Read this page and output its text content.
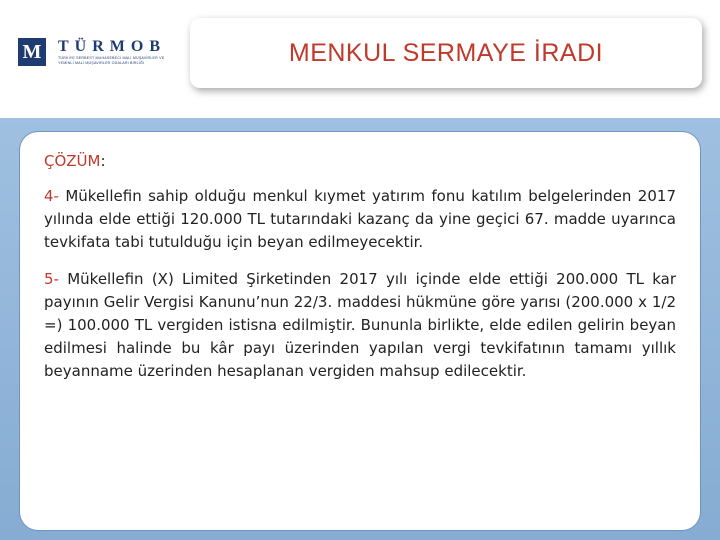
M TÜRMOB
TÜRKİYE SERBEST MUHASEBECİ MALİ MÜŞAVİRLER VE YEMİNLİ MALİ MÜŞAVİRLER ODALARI BİRLİĞİ	MENKUL SERMAYE İRADI
ÇÖZÜM:

4- Mükellefin sahip olduğu menkul kıymet yatırım fonu katılım belgelerinden 2017 yılında elde ettiği 120.000 TL tutarındaki kazanç da yine geçici 67. madde uyarınca tevkifata tabi tutulduğu için beyan edilmeyecektir.

5- Mükellefin (X) Limited Şirketinden 2017 yılı içinde elde ettiği 200.000 TL kar payının Gelir Vergisi Kanunu’nun 22/3. maddesi hükmüne göre yarısı (200.000 x 1/2 =) 100.000 TL vergiden istisna edilmiştir. Bununla birlikte, elde edilen gelirin beyan edilmesi halinde bu kâr payı üzerinden yapılan vergi tevkifatının tamamı yıllık beyanname üzerinden hesaplanan vergiden mahsup edilecektir.
